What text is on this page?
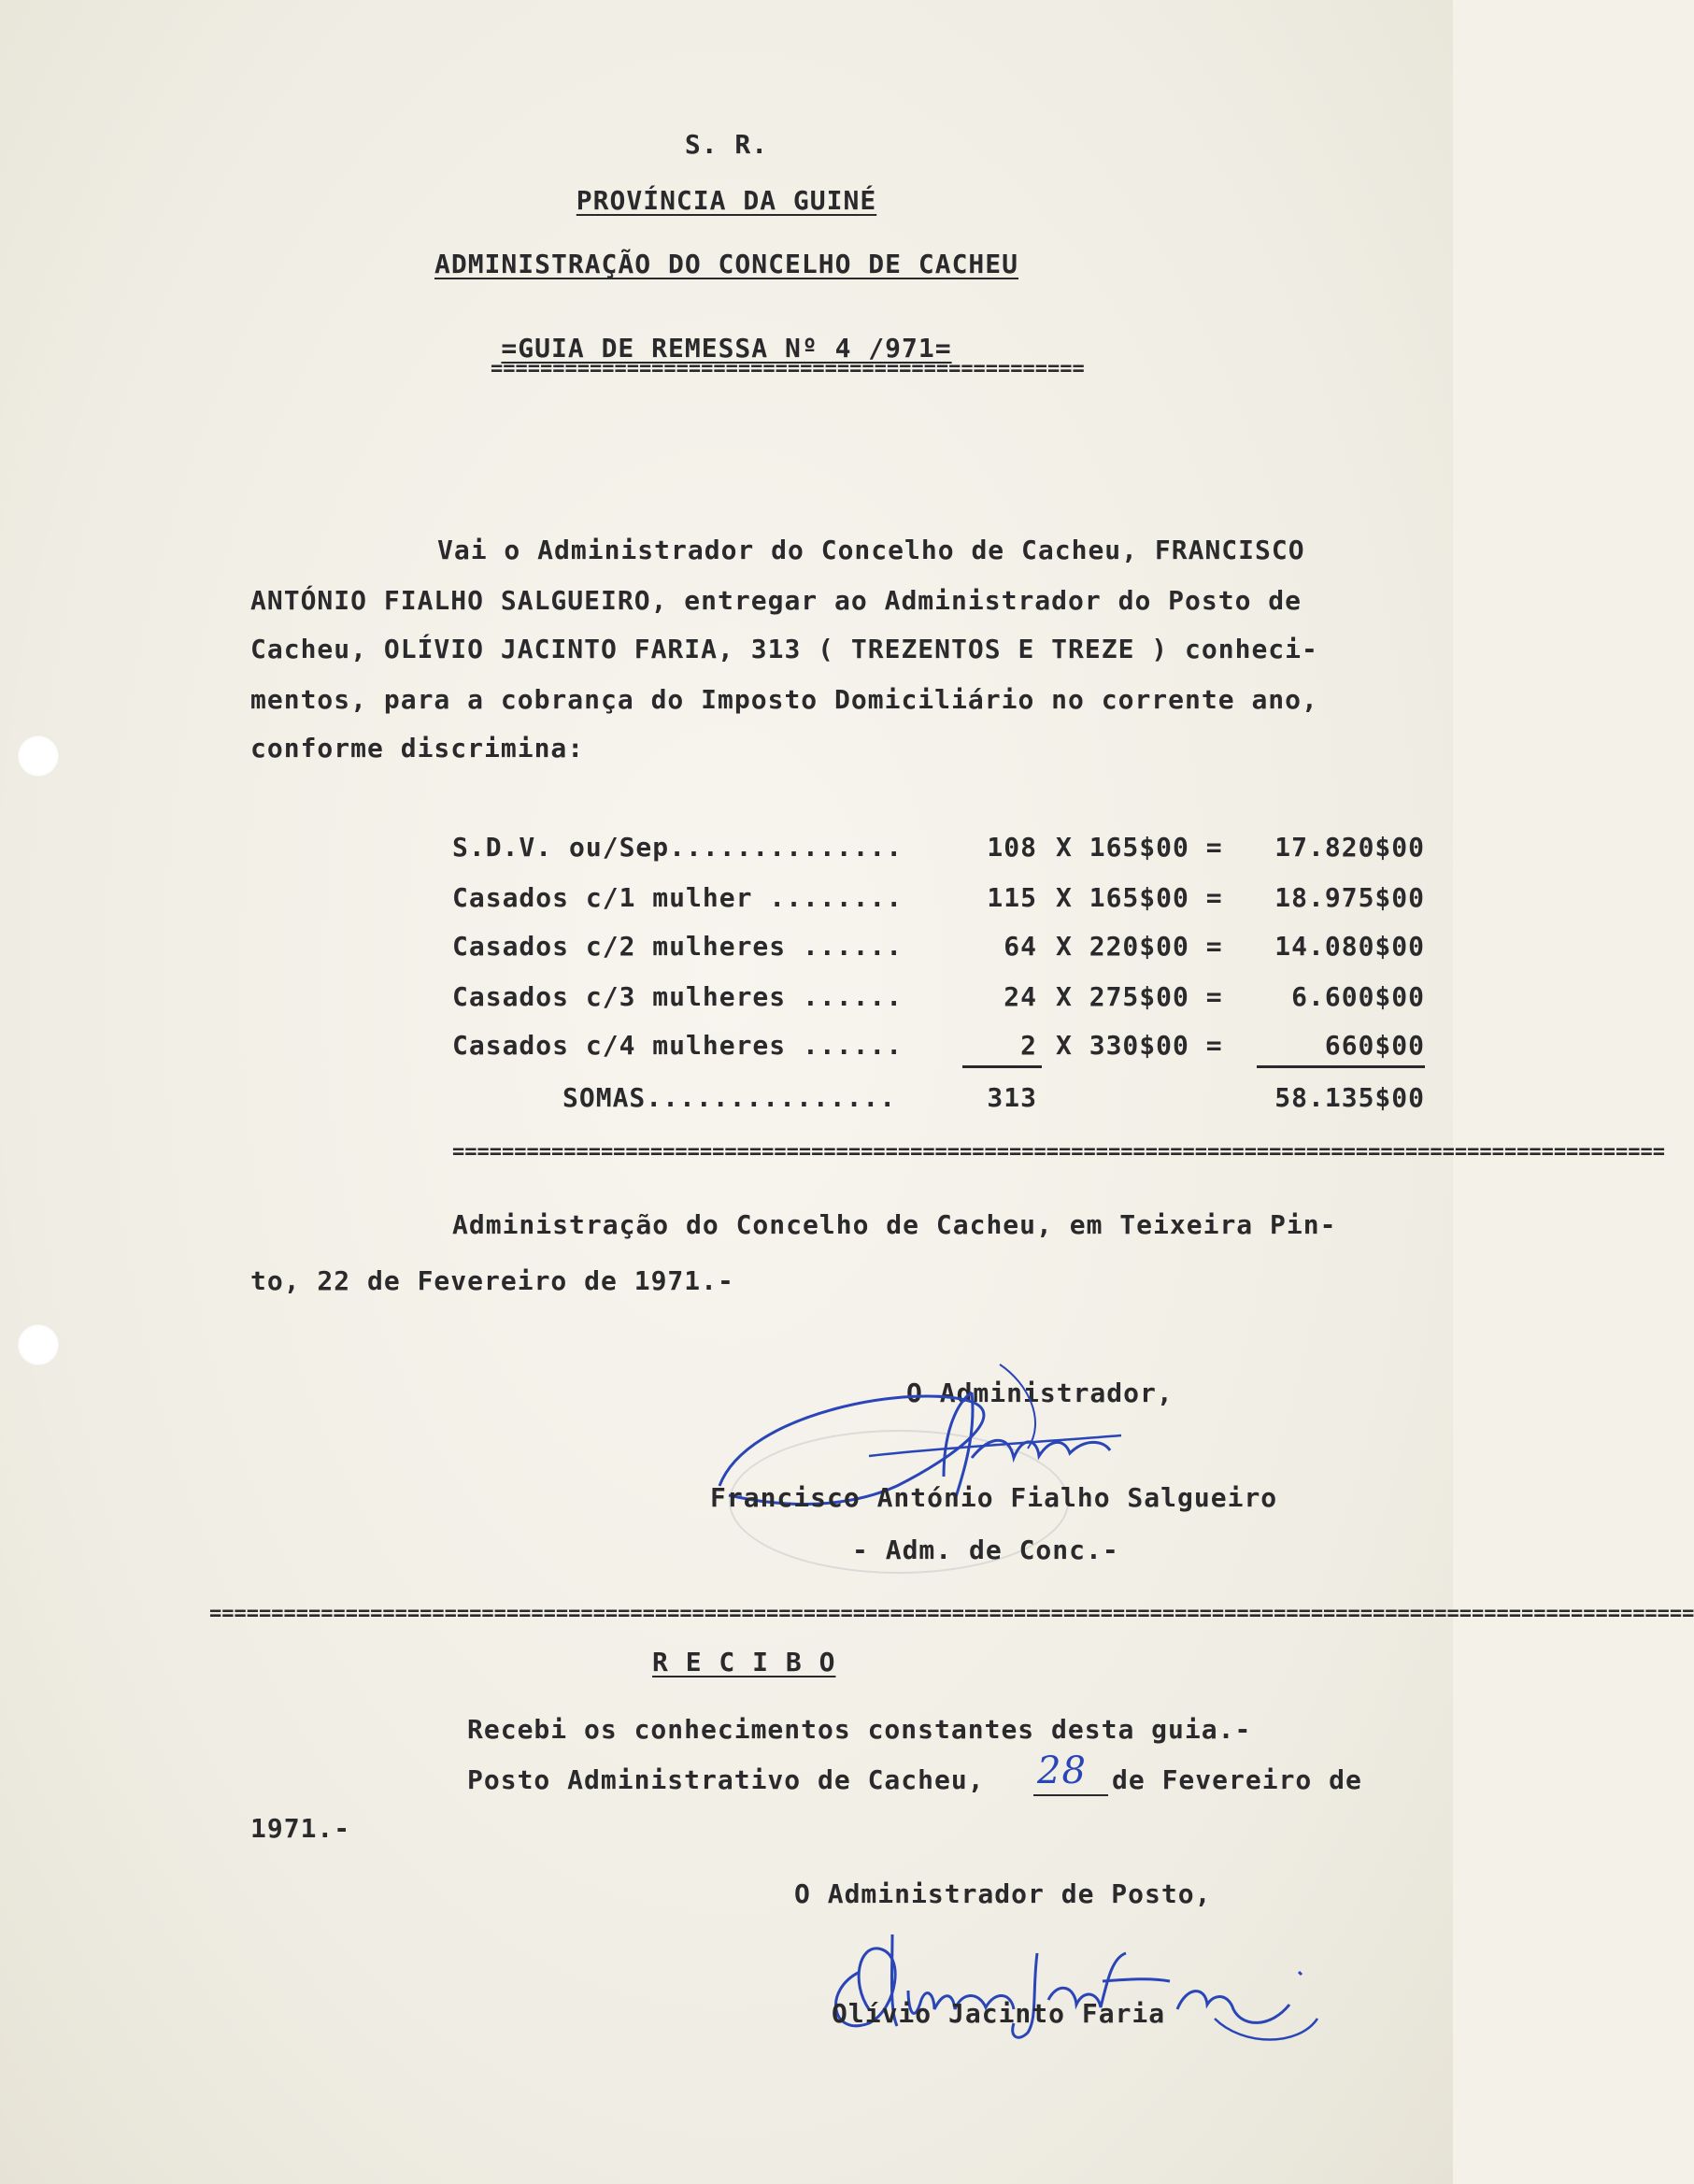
S. R.
PROVÍNCIA DA GUINÉ
ADMINISTRAÇÃO DO CONCELHO DE CACHEU
=GUIA DE REMESSA Nº 4 /971=
================================================
Vai o Administrador do Concelho de Cacheu, FRANCISCO
ANTÓNIO FIALHO SALGUEIRO, entregar ao Administrador do Posto de
Cacheu, OLÍVIO JACINTO FARIA, 313 ( TREZENTOS E TREZE ) conheci-
mentos, para a cobrança do Imposto Domiciliário no corrente ano,
conforme discrimina:
S.D.V. ou/Sep..............	108 X 165$00 =	17.820$00
Casados c/1 mulher ........	115 X 165$00 =	18.975$00
Casados c/2 mulheres ......	64 X 220$00 =	14.080$00
Casados c/3 mulheres ......	24 X 275$00 =	6.600$00
Casados c/4 mulheres ......	2 X 330$00 =	660$00
SOMAS...............	313	58.135$00
==================================================================================================
Administração do Concelho de Cacheu, em Teixeira Pin-
to, 22 de Fevereiro de 1971.-
O Administrador,
Francisco António Fialho Salgueiro
- Adm. de Conc.-
========================================================================================================================
R E C I B O
Recebi os conhecimentos constantes desta guia.-
Posto Administrativo de Cacheu, 28 de Fevereiro de
1971.-
O Administrador de Posto,
Olívio Jacinto Faria
